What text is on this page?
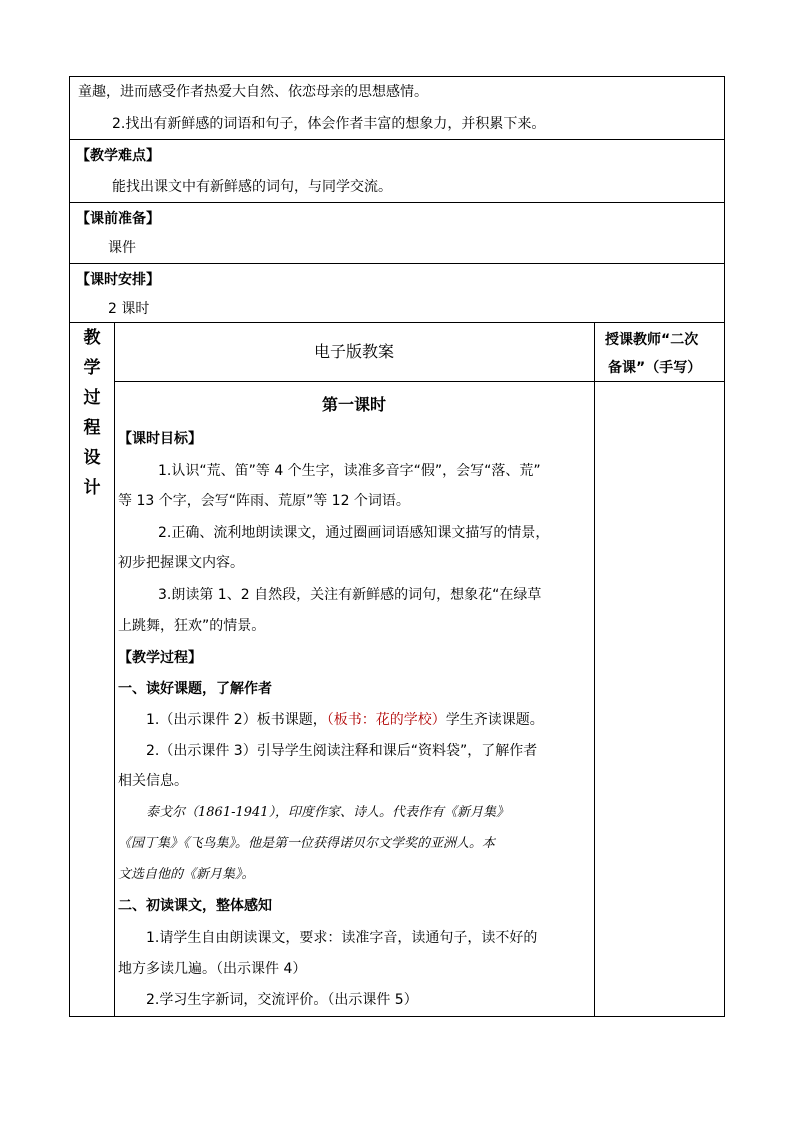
童趣，进而感受作者热爱大自然、依恋母亲的思想感情。
2.找出有新鲜感的词语和句子，体会作者丰富的想象力，并积累下来。
【教学难点】
能找出课文中有新鲜感的词句，与同学交流。
【课前准备】
课件
【课时安排】
2 课时
教
学
过
程
设
计
电子版教案
授课教师“二次
备课”（手写）
第一课时
【课时目标】
1.认识“荒、笛”等 4 个生字，读准多音字“假”，会写“落、荒”
等 13 个字，会写“阵雨、荒原”等 12 个词语。
2.正确、流利地朗读课文，通过圈画词语感知课文描写的情景，
初步把握课文内容。
3.朗读第 1、2 自然段，关注有新鲜感的词句，想象花“在绿草
上跳舞，狂欢”的情景。
【教学过程】
一、读好课题，了解作者
1.（出示课件 2）板书课题，（板书：花的学校）学生齐读课题。
2.（出示课件 3）引导学生阅读注释和课后“资料袋”，了解作者
相关信息。
泰戈尔（1861-1941），印度作家、诗人。代表作有《新月集》
《园丁集》《飞鸟集》。他是第一位获得诺贝尔文学奖的亚洲人。本
文选自他的《新月集》。
二、初读课文，整体感知
1.请学生自由朗读课文，要求：读准字音，读通句子，读不好的
地方多读几遍。（出示课件 4）
2.学习生字新词，交流评价。（出示课件 5）
